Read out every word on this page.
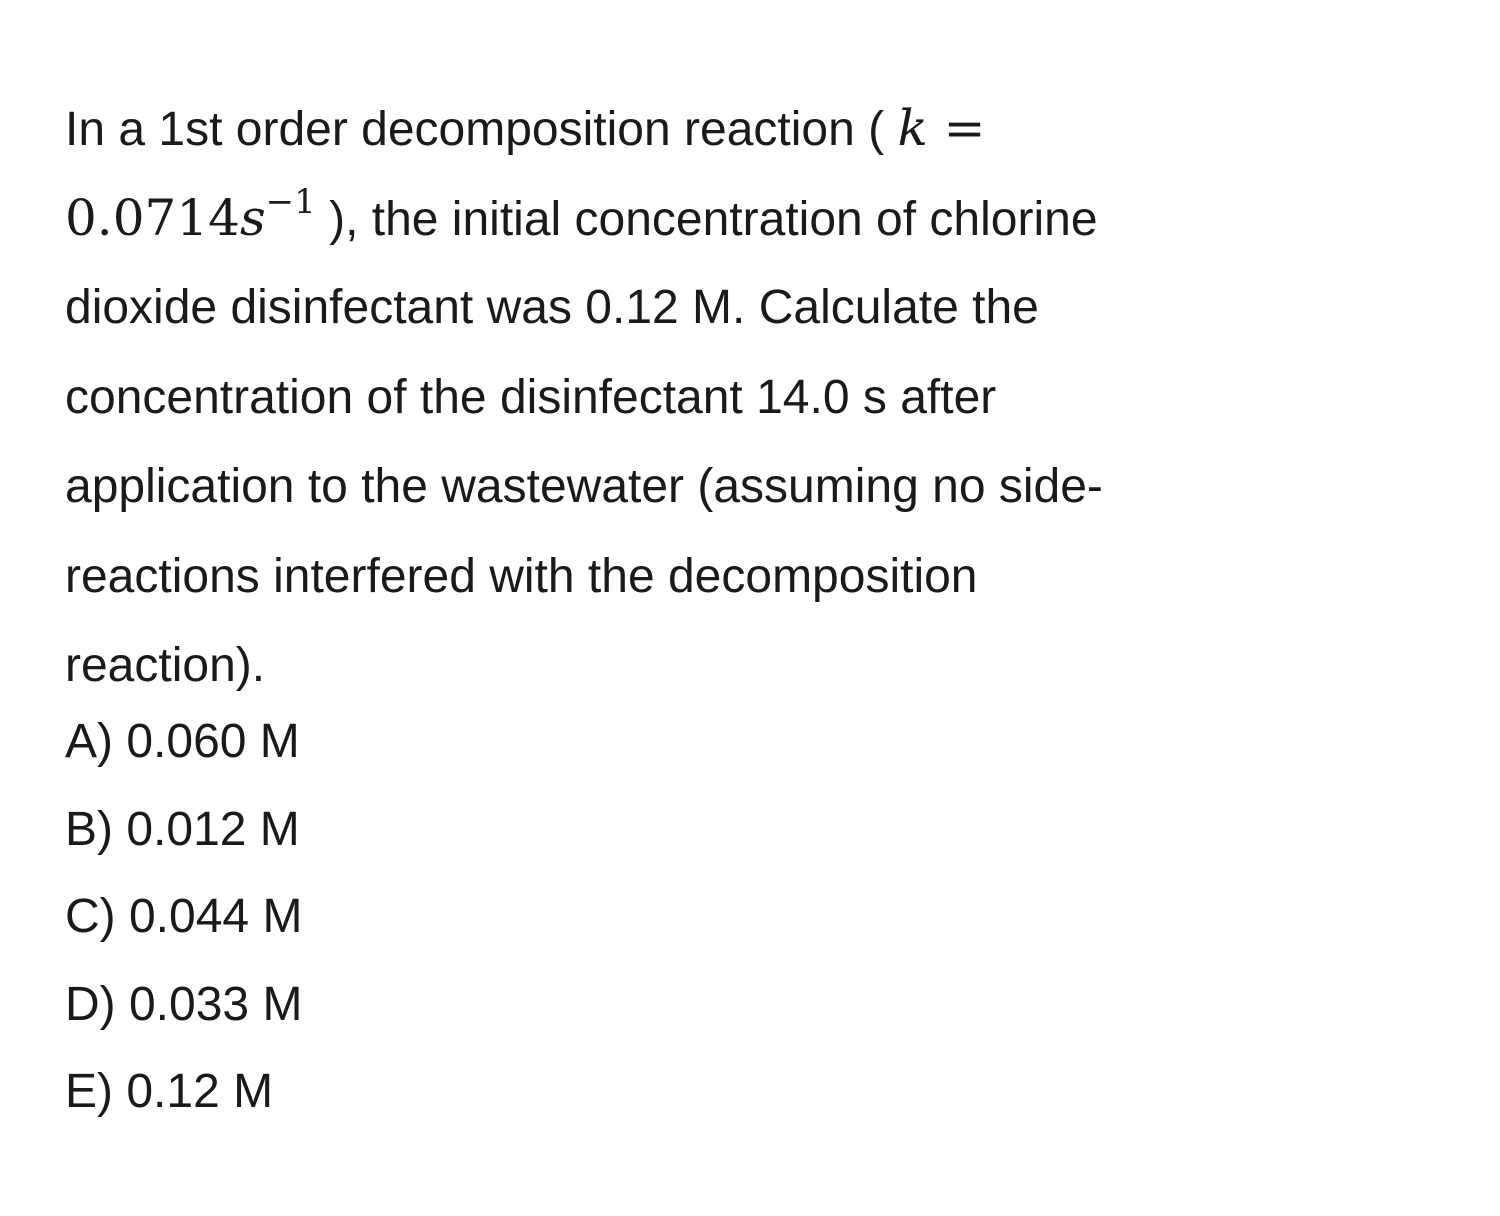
In a 1st order decomposition reaction ( k =
$0.0714s^{-1}$ ), the initial concentration of chlorine
dioxide disinfectant was 0.12 M. Calculate the
concentration of the disinfectant 14.0 s after
application to the wastewater (assuming no side-
reactions interfered with the decomposition
reaction).
A) 0.060 M
B) 0.012 M
C) 0.044 M
D) 0.033 M
E) 0.12 M
